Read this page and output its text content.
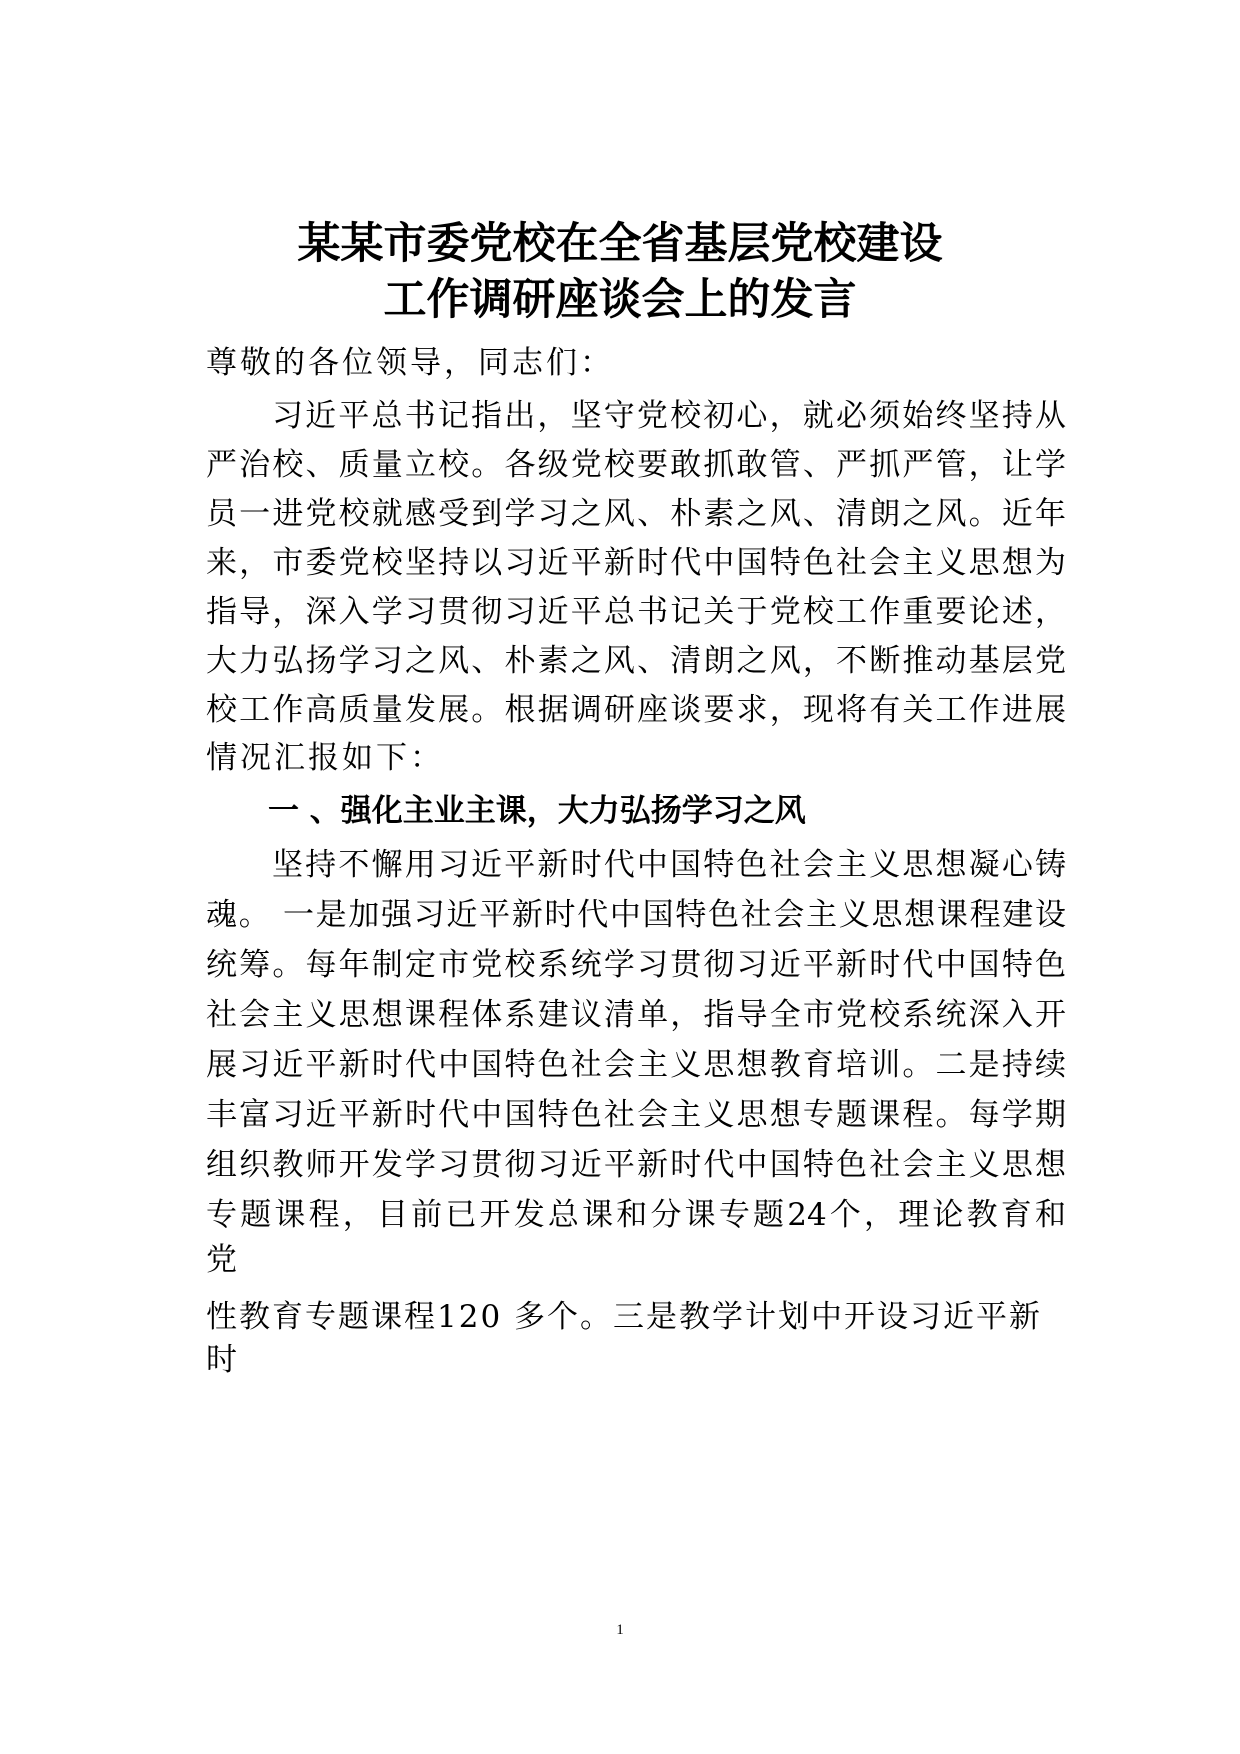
某某市委党校在全省基层党校建设
工作调研座谈会上的发言
尊敬的各位领导，同志们：
习近平总书记指出，坚守党校初心，就必须始终坚持从
严治校、质量立校。各级党校要敢抓敢管、严抓严管，让学
员一进党校就感受到学习之风、朴素之风、清朗之风。近年
来，市委党校坚持以习近平新时代中国特色社会主义思想为
指导，深入学习贯彻习近平总书记关于党校工作重要论述，
大力弘扬学习之风、朴素之风、清朗之风，不断推动基层党
校工作高质量发展。根据调研座谈要求，现将有关工作进展
情况汇报如下：
一 、强化主业主课，大力弘扬学习之风
坚持不懈用习近平新时代中国特色社会主义思想凝心铸
魂。 一是加强习近平新时代中国特色社会主义思想课程建设
统筹。每年制定市党校系统学习贯彻习近平新时代中国特色
社会主义思想课程体系建议清单，指导全市党校系统深入开
展习近平新时代中国特色社会主义思想教育培训。二是持续
丰富习近平新时代中国特色社会主义思想专题课程。每学期
组织教师开发学习贯彻习近平新时代中国特色社会主义思想
专题课程，目前已开发总课和分课专题24个，理论教育和
党
性教育专题课程120 多个。三是教学计划中开设习近平新
时
1
